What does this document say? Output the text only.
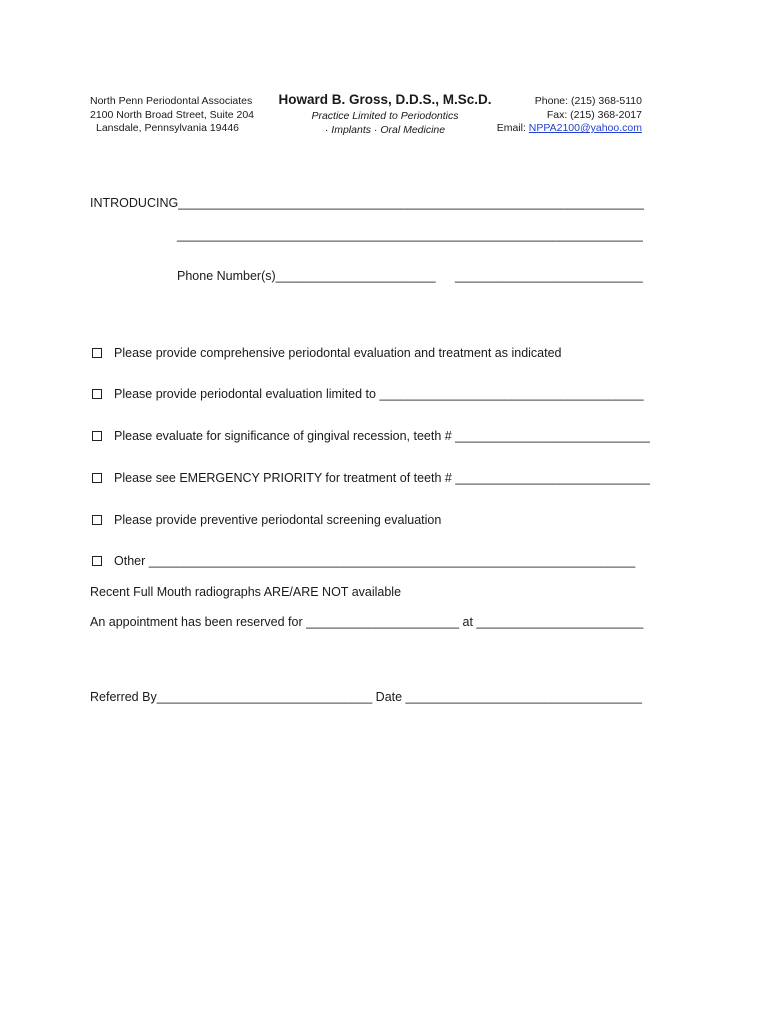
North Penn Periodontal Associates
2100 North Broad Street, Suite 204
Lansdale, Pennsylvania 19446
Howard B. Gross, D.D.S., M.Sc.D.
Practice Limited to Periodontics
· Implants · Oral Medicine
Phone: (215) 368-5110
Fax: (215) 368-2017
Email: NPPA2100@yahoo.com
INTRODUCING___________________________________________________________________
___________________________________________________________________
Phone Number(s)_______________________ ___________________________
Please provide comprehensive periodontal evaluation and treatment as indicated
Please provide periodontal evaluation limited to ______________________________________
Please evaluate for significance of gingival recession, teeth # ____________________________
Please see EMERGENCY PRIORITY for treatment of teeth # ____________________________
Please provide preventive periodontal screening evaluation
Other ______________________________________________________________________
Recent Full Mouth radiographs ARE/ARE NOT available
An appointment has been reserved for ______________________ at ________________________
Referred By_______________________________ Date __________________________________
